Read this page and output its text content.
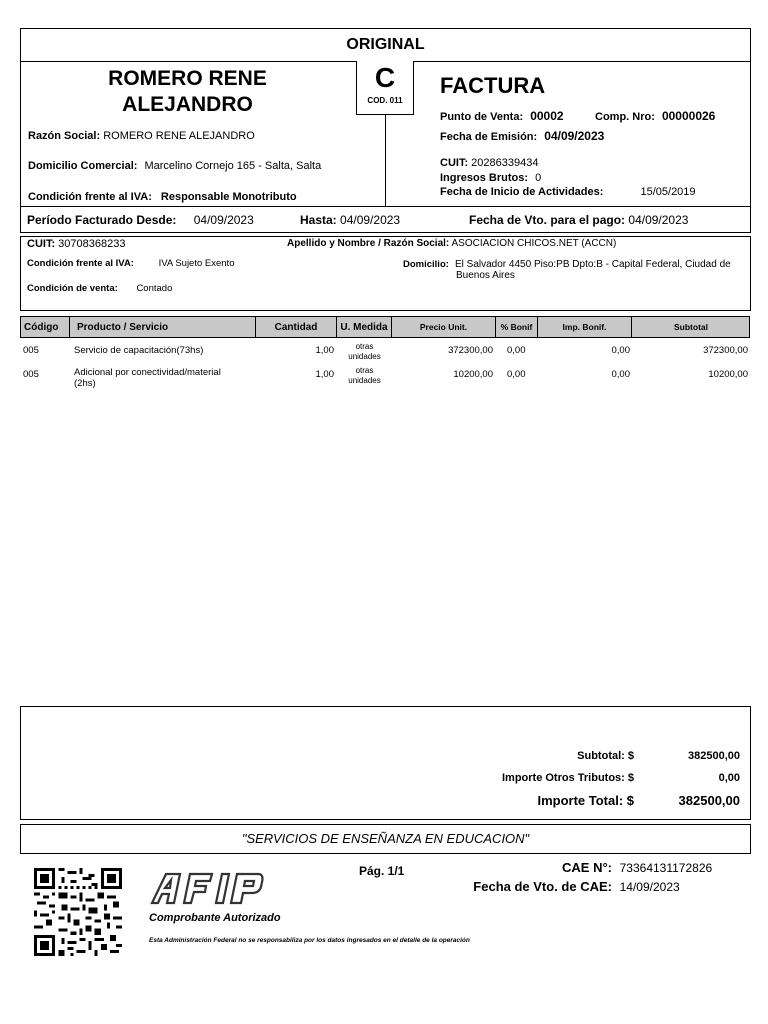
ORIGINAL
C
COD. 011
ROMERO RENE
ALEJANDRO
Razón Social: ROMERO RENE ALEJANDRO
Domicilio Comercial: Marcelino Cornejo 165 - Salta, Salta
Condición frente al IVA: Responsable Monotributo
FACTURA
Punto de Venta: 00002	Comp. Nro: 00000026
Fecha de Emisión: 04/09/2023
CUIT: 20286339434
Ingresos Brutos: 0
Fecha de Inicio de Actividades:	15/05/2019
Período Facturado Desde: 04/09/2023	Hasta: 04/09/2023	Fecha de Vto. para el pago: 04/09/2023
CUIT: 30708368233	Apellido y Nombre / Razón Social: ASOCIACION CHICOS.NET (ACCN)
Condición frente al IVA:	IVA Sujeto Exento	Domicilio: El Salvador 4450 Piso:PB Dpto:B - Capital Federal, Ciudad de
Buenos Aires
Condición de venta: Contado
Código	Producto / Servicio	Cantidad	U. Medida	Precio Unit.	% Bonif	Imp. Bonif.	Subtotal
005	Servicio de capacitación(73hs)	1,00	otras
unidades
372300,00 0,00	0,00	372300,00
005	Adicional por conectividad/material
(2hs)
1,00	otras
unidades
10200,00 0,00	0,00	10200,00
Subtotal: $	382500,00
Importe Otros Tributos: $	0,00
Importe Total: $	382500,00
"SERVICIOS DE ENSEÑANZA EN EDUCACION"
Pág. 1/1	CAE N°: 73364131172826
Fecha de Vto. de CAE: 14/09/2023
Comprobante Autorizado
Esta Administración Federal no se responsabiliza por los datos ingresados en el detalle de la operación
